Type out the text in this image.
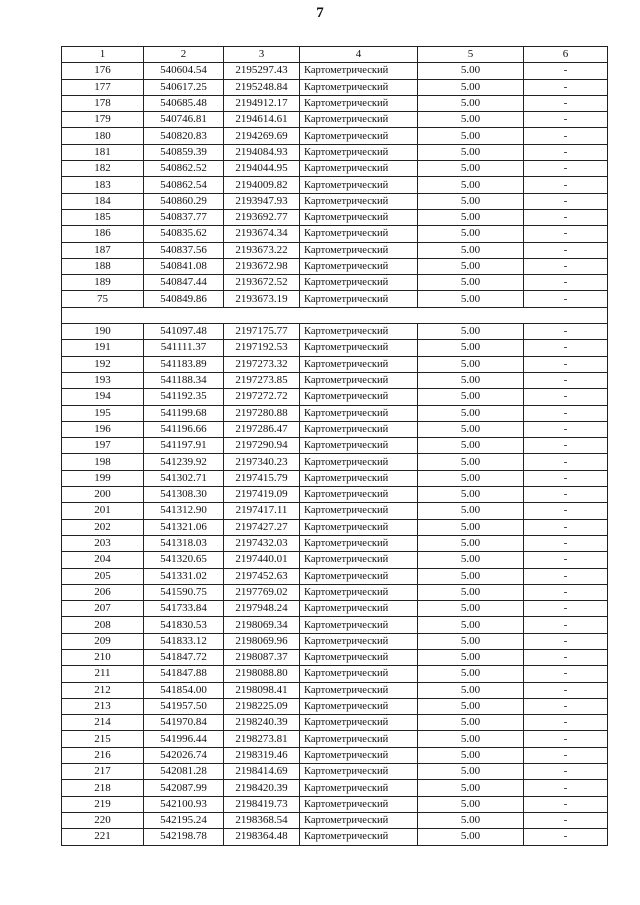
7
1	2	3	4	5	6
176	540604.54	2195297.43	Картометрический	5.00	-
177	540617.25	2195248.84	Картометрический	5.00	-
178	540685.48	2194912.17	Картометрический	5.00	-
179	540746.81	2194614.61	Картометрический	5.00	-
180	540820.83	2194269.69	Картометрический	5.00	-
181	540859.39	2194084.93	Картометрический	5.00	-
182	540862.52	2194044.95	Картометрический	5.00	-
183	540862.54	2194009.82	Картометрический	5.00	-
184	540860.29	2193947.93	Картометрический	5.00	-
185	540837.77	2193692.77	Картометрический	5.00	-
186	540835.62	2193674.34	Картометрический	5.00	-
187	540837.56	2193673.22	Картометрический	5.00	-
188	540841.08	2193672.98	Картометрический	5.00	-
189	540847.44	2193672.52	Картометрический	5.00	-
75	540849.86	2193673.19	Картометрический	5.00	-

190	541097.48	2197175.77	Картометрический	5.00	-
191	541111.37	2197192.53	Картометрический	5.00	-
192	541183.89	2197273.32	Картометрический	5.00	-
193	541188.34	2197273.85	Картометрический	5.00	-
194	541192.35	2197272.72	Картометрический	5.00	-
195	541199.68	2197280.88	Картометрический	5.00	-
196	541196.66	2197286.47	Картометрический	5.00	-
197	541197.91	2197290.94	Картометрический	5.00	-
198	541239.92	2197340.23	Картометрический	5.00	-
199	541302.71	2197415.79	Картометрический	5.00	-
200	541308.30	2197419.09	Картометрический	5.00	-
201	541312.90	2197417.11	Картометрический	5.00	-
202	541321.06	2197427.27	Картометрический	5.00	-
203	541318.03	2197432.03	Картометрический	5.00	-
204	541320.65	2197440.01	Картометрический	5.00	-
205	541331.02	2197452.63	Картометрический	5.00	-
206	541590.75	2197769.02	Картометрический	5.00	-
207	541733.84	2197948.24	Картометрический	5.00	-
208	541830.53	2198069.34	Картометрический	5.00	-
209	541833.12	2198069.96	Картометрический	5.00	-
210	541847.72	2198087.37	Картометрический	5.00	-
211	541847.88	2198088.80	Картометрический	5.00	-
212	541854.00	2198098.41	Картометрический	5.00	-
213	541957.50	2198225.09	Картометрический	5.00	-
214	541970.84	2198240.39	Картометрический	5.00	-
215	541996.44	2198273.81	Картометрический	5.00	-
216	542026.74	2198319.46	Картометрический	5.00	-
217	542081.28	2198414.69	Картометрический	5.00	-
218	542087.99	2198420.39	Картометрический	5.00	-
219	542100.93	2198419.73	Картометрический	5.00	-
220	542195.24	2198368.54	Картометрический	5.00	-
221	542198.78	2198364.48	Картометрический	5.00	-
